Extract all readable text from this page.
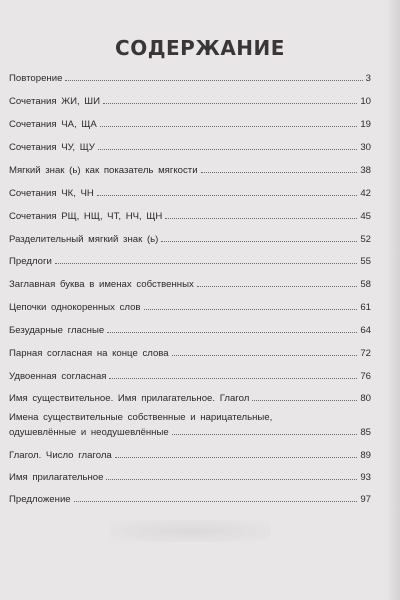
СОДЕРЖАНИЕ
Повторение	3
Сочетания ЖИ, ШИ	10
Сочетания ЧА, ЩА	19
Сочетания ЧУ, ЩУ	30
Мягкий знак (ь) как показатель мягкости	38
Сочетания ЧК, ЧН	42
Сочетания РЩ, НЩ, ЧТ, НЧ, ЩН	45
Разделительный мягкий знак (ь)	52
Предлоги	55
Заглавная буква в именах собственных	58
Цепочки однокоренных слов	61
Безударные гласные	64
Парная согласная на конце слова	72
Удвоенная согласная	76
Имя существительное. Имя прилагательное. Глагол	80
Имена существительные собственные и нарицательные,
одушевлённые и неодушевлённые	85
Глагол. Число глагола	89
Имя прилагательное	93
Предложение	97
